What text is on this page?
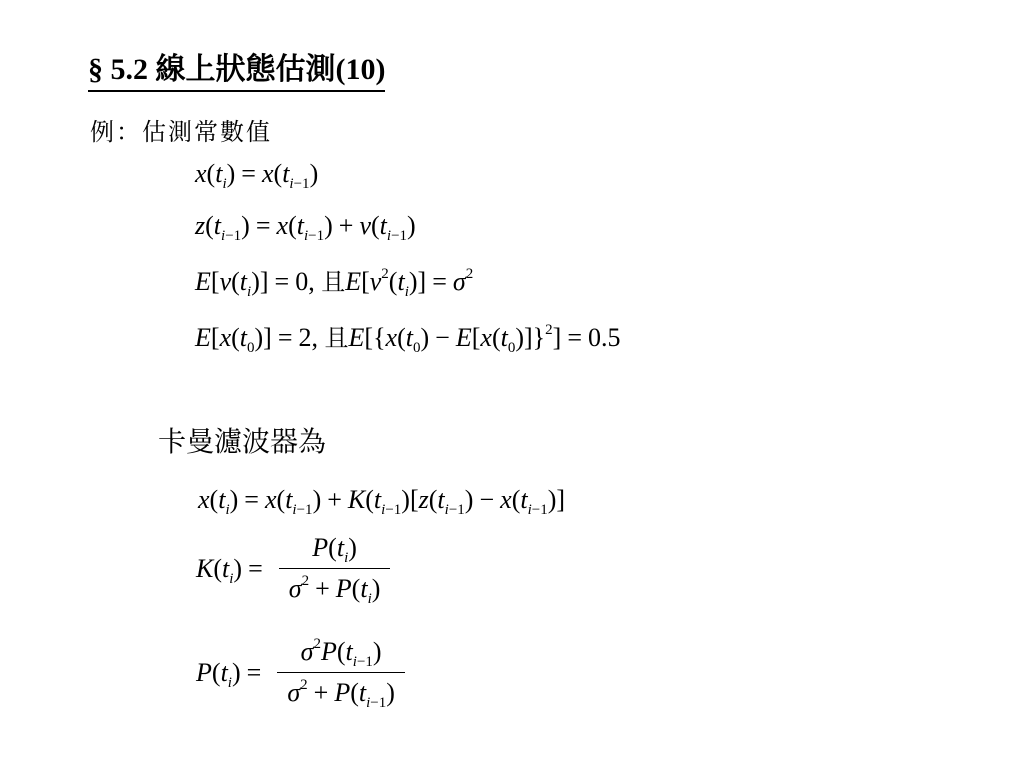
§ 5.2 線上狀態估測(10)
例：估測常數值
$x(t_i) = x(t_{i-1})$
$z(t_{i-1}) = x(t_{i-1}) + v(t_{i-1})$
$E[v(t_i)] = 0$, 且$E[v^2(t_i)] = \sigma^2$
$E[x(t_0)] = 2$, 且$E[\{x(t_0) - E[x(t_0)]\}^2] = 0.5$
卡曼濾波器為
$x(t_i) = x(t_{i-1}) + K(t_{i-1})[z(t_{i-1}) - x(t_{i-1})]$
$K(t_i) = \frac{P(t_i)}{\sigma^2 + P(t_i)}$
$P(t_i) = \frac{\sigma^2P(t_{i-1})}{\sigma^2 + P(t_{i-1})}$
